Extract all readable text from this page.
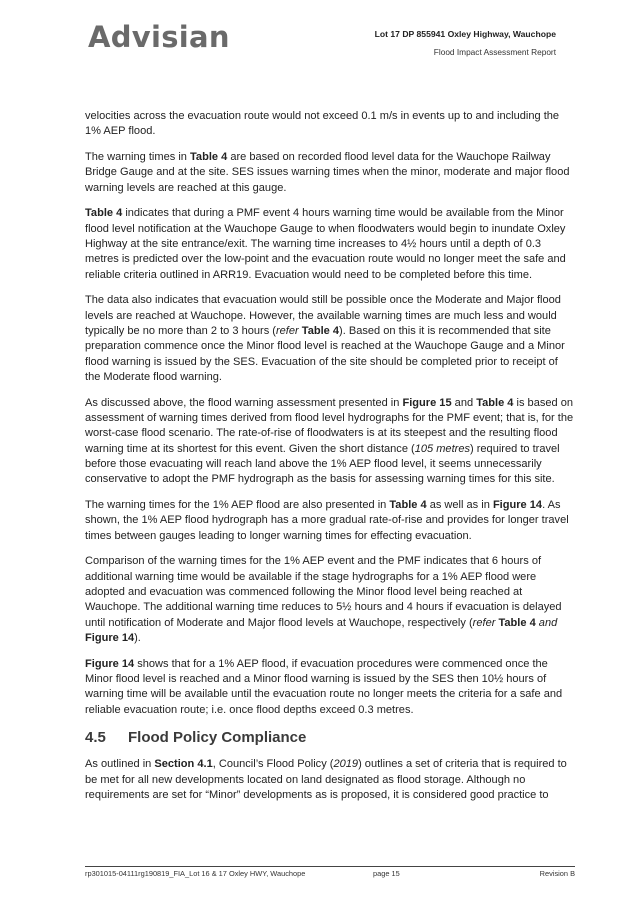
Advisian	Lot 17 DP 855941 Oxley Highway, Wauchope
Flood Impact Assessment Report

velocities across the evacuation route would not exceed 0.1 m/s in events up to and including the 1% AEP flood.

The warning times in Table 4 are based on recorded flood level data for the Wauchope Railway Bridge Gauge and at the site. SES issues warning times when the minor, moderate and major flood warning levels are reached at this gauge.

Table 4 indicates that during a PMF event 4 hours warning time would be available from the Minor flood level notification at the Wauchope Gauge to when floodwaters would begin to inundate Oxley Highway at the site entrance/exit. The warning time increases to 4½ hours until a depth of 0.3 metres is predicted over the low-point and the evacuation route would no longer meet the safe and reliable criteria outlined in ARR19. Evacuation would need to be completed before this time.

The data also indicates that evacuation would still be possible once the Moderate and Major flood levels are reached at Wauchope. However, the available warning times are much less and would typically be no more than 2 to 3 hours (refer Table 4). Based on this it is recommended that site preparation commence once the Minor flood level is reached at the Wauchope Gauge and a Minor flood warning is issued by the SES. Evacuation of the site should be completed prior to receipt of the Moderate flood warning.

As discussed above, the flood warning assessment presented in Figure 15 and Table 4 is based on assessment of warning times derived from flood level hydrographs for the PMF event; that is, for the worst-case flood scenario. The rate-of-rise of floodwaters is at its steepest and the resulting flood warning time at its shortest for this event. Given the short distance (105 metres) required to travel before those evacuating will reach land above the 1% AEP flood level, it seems unnecessarily conservative to adopt the PMF hydrograph as the basis for assessing warning times for this site.

The warning times for the 1% AEP flood are also presented in Table 4 as well as in Figure 14. As shown, the 1% AEP flood hydrograph has a more gradual rate-of-rise and provides for longer travel times between gauges leading to longer warning times for effecting evacuation.

Comparison of the warning times for the 1% AEP event and the PMF indicates that 6 hours of additional warning time would be available if the stage hydrographs for a 1% AEP flood were adopted and evacuation was commenced following the Minor flood level being reached at Wauchope. The additional warning time reduces to 5½ hours and 4 hours if evacuation is delayed until notification of Moderate and Major flood levels at Wauchope, respectively (refer Table 4 and Figure 14).

Figure 14 shows that for a 1% AEP flood, if evacuation procedures were commenced once the Minor flood level is reached and a Minor flood warning is issued by the SES then 10½ hours of warning time will be available until the evacuation route no longer meets the criteria for a safe and reliable evacuation route; i.e. once flood depths exceed 0.3 metres.

4.5 Flood Policy Compliance

As outlined in Section 4.1, Council’s Flood Policy (2019) outlines a set of criteria that is required to be met for all new developments located on land designated as flood storage. Although no requirements are set for “Minor” developments as is proposed, it is considered good practice to

rp301015-04111rg190819_FIA_Lot 16 & 17 Oxley HWY, Wauchope	page 15	Revision B
